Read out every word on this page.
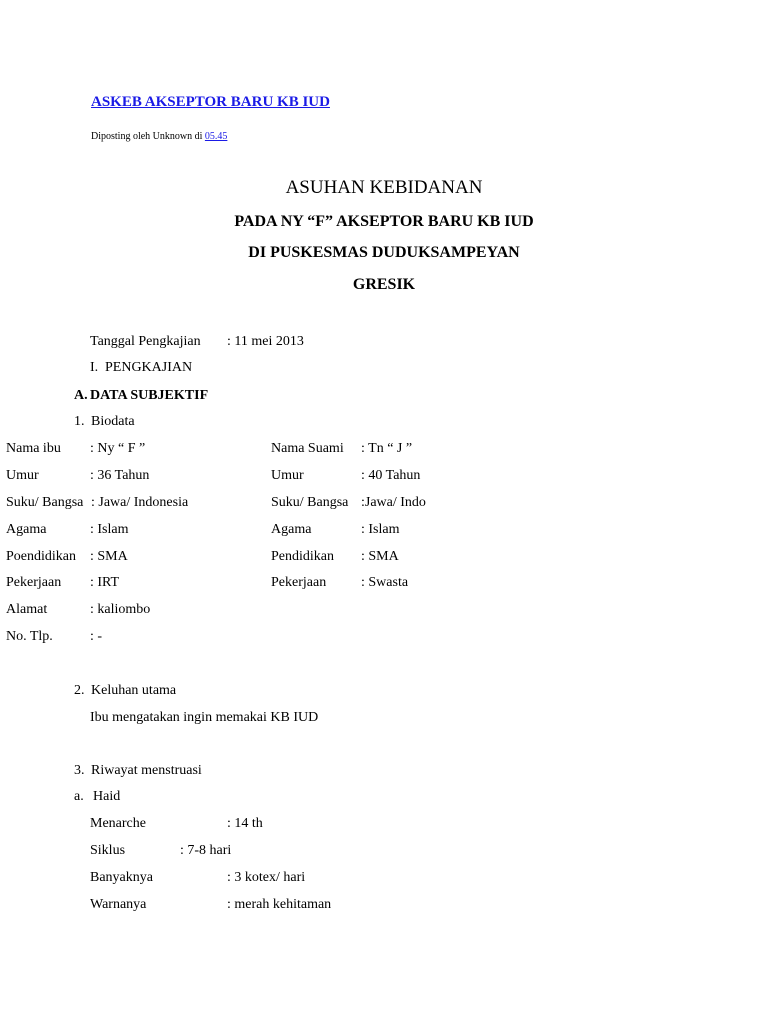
ASKEB AKSEPTOR BARU KB IUD
Diposting oleh Unknown di 05.45
ASUHAN KEBIDANAN
PADA NY “F” AKSEPTOR BARU KB IUD
DI PUSKESMAS DUDUKSAMPEYAN
GRESIK
Tanggal Pengkajian : 11 mei 2013
I. PENGKAJIAN
A. DATA SUBJEKTIF
1. Biodata
Nama ibu : Ny “ F ”	Nama Suami : Tn “ J ”
Umur	: 36 Tahun	Umur	: 40 Tahun
Suku/ Bangsa : Jawa/ Indonesia	Suku/ Bangsa :Jawa/ Indo
Agama	: Islam	Agama	: Islam
Poendidikan : SMA	Pendidikan : SMA
Pekerjaan : IRT	Pekerjaan : Swasta
Alamat	: kaliombo
No. Tlp.	: -
2. Keluhan utama
Ibu mengatakan ingin memakai KB IUD
3. Riwayat menstruasi
a. Haid
Menarche	: 14 th
Siklus	: 7-8 hari
Banyaknya	: 3 kotex/ hari
Warnanya	: merah kehitaman
